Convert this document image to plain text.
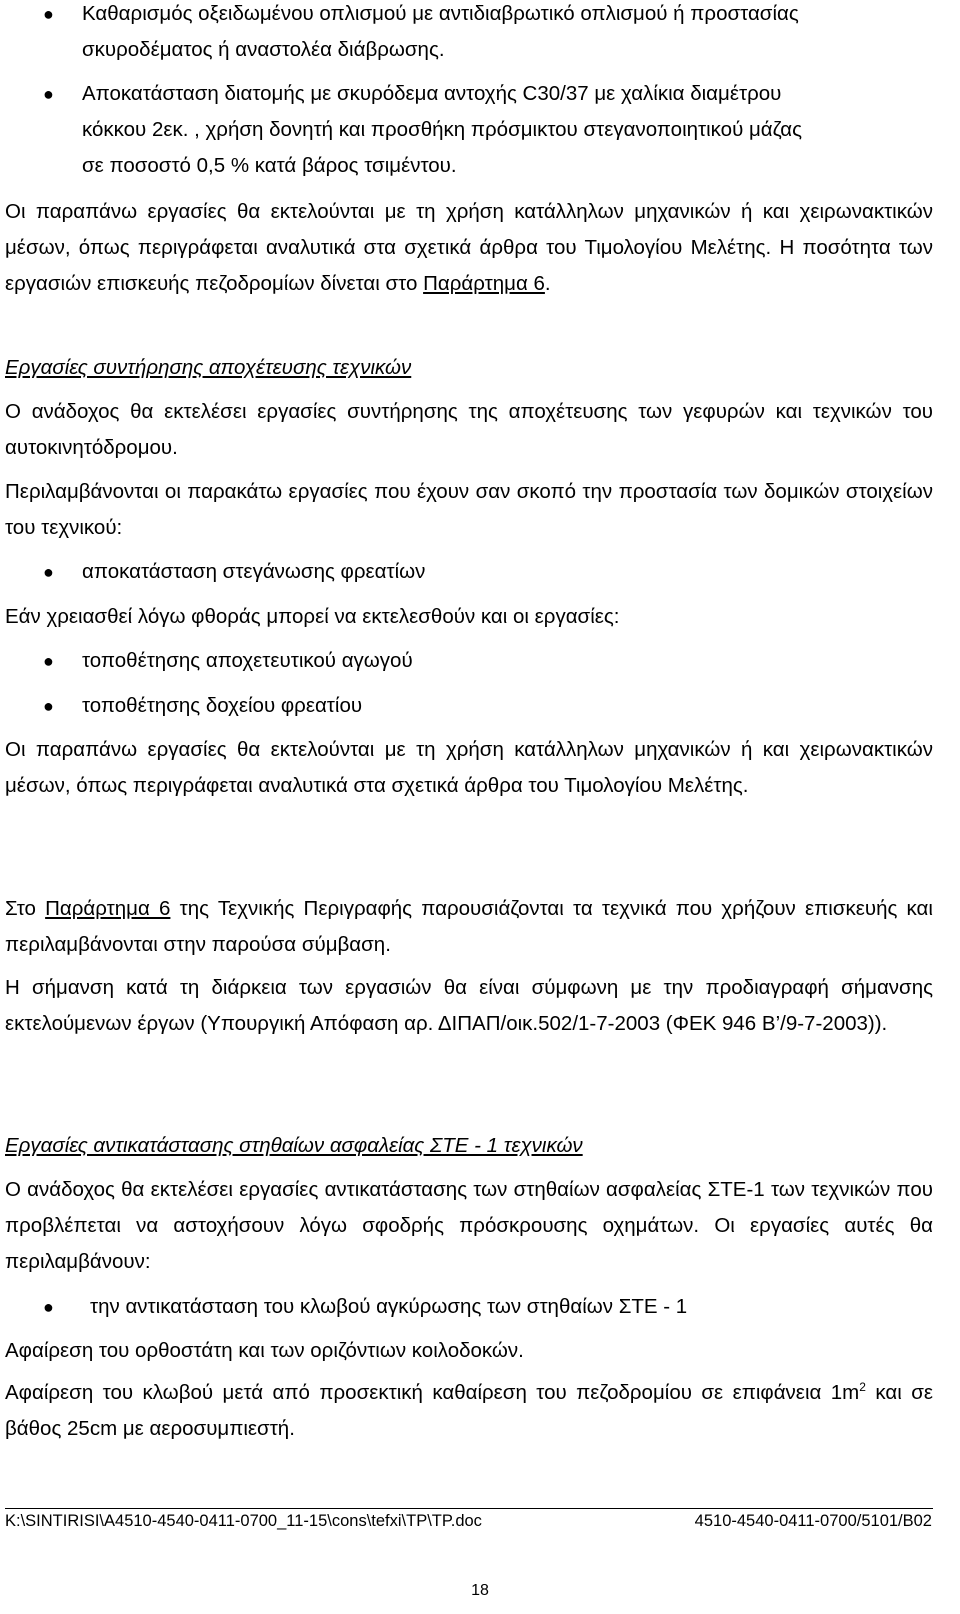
● Καθαρισμός οξειδωμένου οπλισμού με αντιδιαβρωτικό οπλισμού ή προστασίας
σκυροδέματος ή αναστολέα διάβρωσης.
● Αποκατάσταση διατομής με σκυρόδεμα αντοχής C30/37 με χαλίκια διαμέτρου
κόκκου 2εκ. , χρήση δονητή και προσθήκη πρόσμικτου στεγανοποιητικού μάζας
σε ποσοστό 0,5 % κατά βάρος τσιμέντου.
Οι παραπάνω εργασίες θα εκτελούνται με τη χρήση κατάλληλων μηχανικών ή και χειρωνακτικών μέσων, όπως περιγράφεται αναλυτικά στα σχετικά άρθρα του Τιμολογίου Μελέτης. Η ποσότητα των εργασιών επισκευής πεζοδρομίων δίνεται στο Παράρτημα 6.
Εργασίες συντήρησης αποχέτευσης τεχνικών
Ο ανάδοχος θα εκτελέσει εργασίες συντήρησης της αποχέτευσης των γεφυρών και τεχνικών του αυτοκινητόδρομου.
Περιλαμβάνονται οι παρακάτω εργασίες που έχουν σαν σκοπό την προστασία των δομικών στοιχείων του τεχνικού:
● αποκατάσταση στεγάνωσης φρεατίων
Εάν χρειασθεί λόγω φθοράς μπορεί να εκτελεσθούν και οι εργασίες:
● τοποθέτησης αποχετευτικού αγωγού
● τοποθέτησης δοχείου φρεατίου
Οι παραπάνω εργασίες θα εκτελούνται με τη χρήση κατάλληλων μηχανικών ή και χειρωνακτικών μέσων, όπως περιγράφεται αναλυτικά στα σχετικά άρθρα του Τιμολογίου Μελέτης.
Στο Παράρτημα 6 της Τεχνικής Περιγραφής παρουσιάζονται τα τεχνικά που χρήζουν επισκευής και περιλαμβάνονται στην παρούσα σύμβαση.
Η σήμανση κατά τη διάρκεια των εργασιών θα είναι σύμφωνη με την προδιαγραφή σήμανσης εκτελούμενων έργων (Υπουργική Απόφαση αρ. ΔΙΠΑΠ/οικ.502/1-7-2003 (ΦΕΚ 946 Β’/9-7-2003)).
Εργασίες αντικατάστασης στηθαίων ασφαλείας ΣΤΕ - 1 τεχνικών
Ο ανάδοχος θα εκτελέσει εργασίες αντικατάστασης των στηθαίων ασφαλείας ΣΤΕ-1 των τεχνικών που προβλέπεται να αστοχήσουν λόγω σφοδρής πρόσκρουσης οχημάτων. Οι εργασίες αυτές θα περιλαμβάνουν:
● την αντικατάσταση του κλωβού αγκύρωσης των στηθαίων ΣΤΕ - 1
Αφαίρεση του ορθοστάτη και των οριζόντιων κοιλοδοκών.
Αφαίρεση του κλωβού μετά από προσεκτική καθαίρεση του πεζοδρομίου σε επιφάνεια $1m^2$ και σε βάθος 25cm με αεροσυμπιεστή.
K:\SINTIRISI\A4510-4540-0411-0700_11-15\cons\tefxi\TP\TP.doc	4510-4540-0411-0700/5101/B02
18
